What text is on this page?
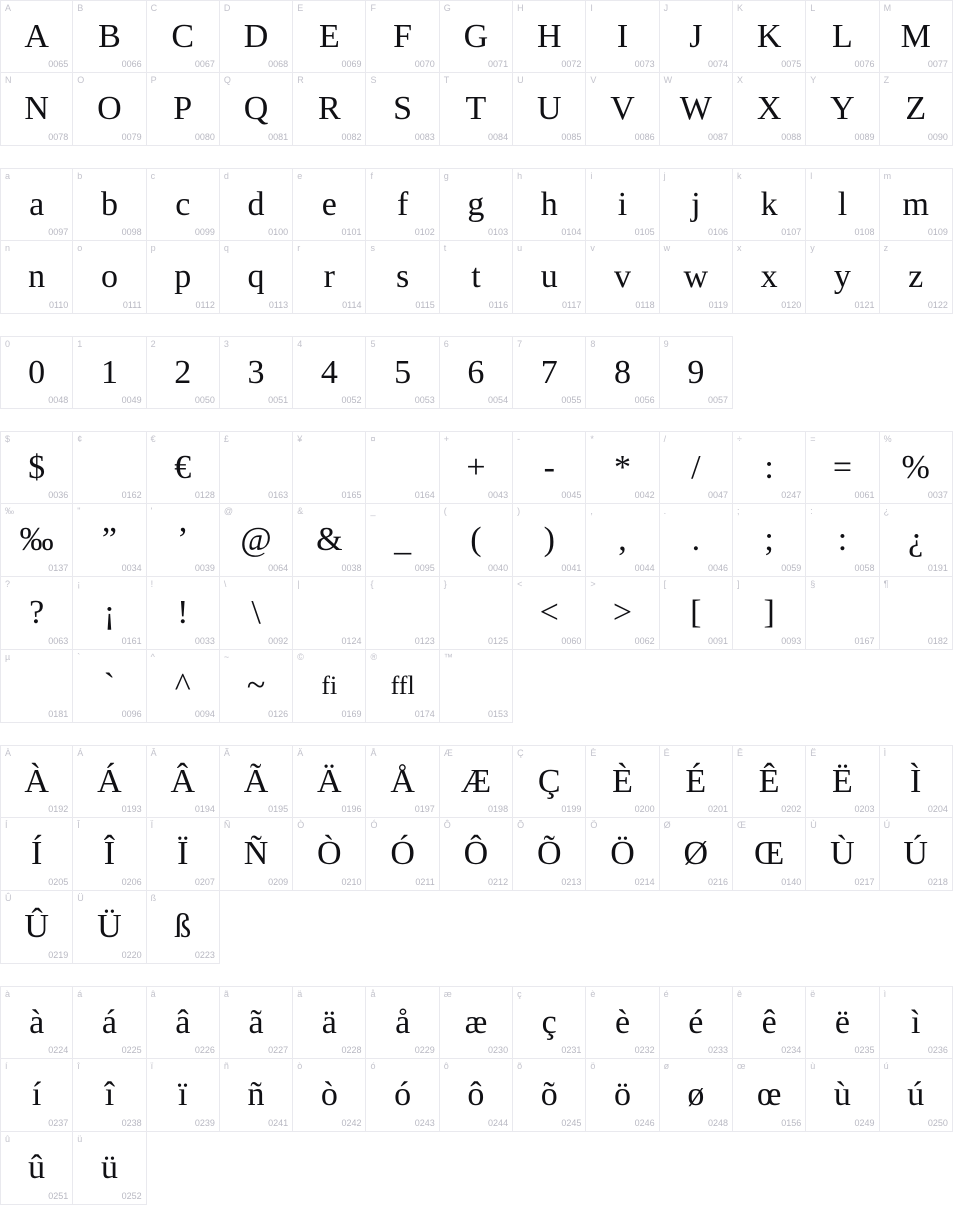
A
A
0065
B
B
0066
C
C
0067
D
D
0068
E
E
0069
F
F
0070
G
G
0071
H
H
0072
I
I
0073
J
J
0074
K
K
0075
L
L
0076
M
M
0077
N
N
0078
O
O
0079
P
P
0080
Q
Q
0081
R
R
0082
S
S
0083
T
T
0084
U
U
0085
V
V
0086
W
W
0087
X
X
0088
Y
Y
0089
Z
Z
0090
a
a
0097
b
b
0098
c
c
0099
d
d
0100
e
e
0101
f
f
0102
g
g
0103
h
h
0104
i
i
0105
j
j
0106
k
k
0107
l
l
0108
m
m
0109
n
n
0110
o
o
0111
p
p
0112
q
q
0113
r
r
0114
s
s
0115
t
t
0116
u
u
0117
v
v
0118
w
w
0119
x
x
0120
y
y
0121
z
z
0122
0
0
0048
1
1
0049
2
2
0050
3
3
0051
4
4
0052
5
5
0053
6
6
0054
7
7
0055
8
8
0056
9
9
0057
$
$
0036
¢
0162
€
€
0128
£
0163
¥
0165
¤
0164
+
+
0043
-
-
0045
*
*
0042
/
/
0047
÷
:
0247
=
=
0061
%
%
0037
‰
‰
0137
"
”
0034
'
’
0039
@
@
0064
&
&
0038
_
_
0095
(
(
0040
)
)
0041
,
,
0044
.
.
0046
;
;
0059
:
:
0058
¿
¿
0191
?
?
0063
¡
¡
0161
!
!
0033
\
\
0092
|
0124
{
0123
}
0125
<
<
0060
>
>
0062
[
[
0091
]
]
0093
§
0167
¶
0182
µ
0181
`
`
0096
^
^
0094
~
~
0126
©
fi
0169
®
ffl
0174
™
0153
À
À
0192
Á
Á
0193
Â
Â
0194
Ã
Ã
0195
Ä
Ä
0196
Å
Å
0197
Æ
Æ
0198
Ç
Ç
0199
È
È
0200
É
É
0201
Ê
Ê
0202
Ë
Ë
0203
Ì
Ì
0204
Í
Í
0205
Î
Î
0206
Ï
Ï
0207
Ñ
Ñ
0209
Ò
Ò
0210
Ó
Ó
0211
Ô
Ô
0212
Õ
Õ
0213
Ö
Ö
0214
Ø
Ø
0216
Œ
Œ
0140
Ù
Ù
0217
Ú
Ú
0218
Û
Û
0219
Ü
Ü
0220
ß
ß
0223
à
à
0224
á
á
0225
â
â
0226
ã
ã
0227
ä
ä
0228
å
å
0229
æ
æ
0230
ç
ç
0231
è
è
0232
é
é
0233
ê
ê
0234
ë
ë
0235
ì
ì
0236
í
í
0237
î
î
0238
ï
ï
0239
ñ
ñ
0241
ò
ò
0242
ó
ó
0243
ô
ô
0244
õ
õ
0245
ö
ö
0246
ø
ø
0248
œ
œ
0156
ù
ù
0249
ú
ú
0250
û
û
0251
ü
ü
0252
